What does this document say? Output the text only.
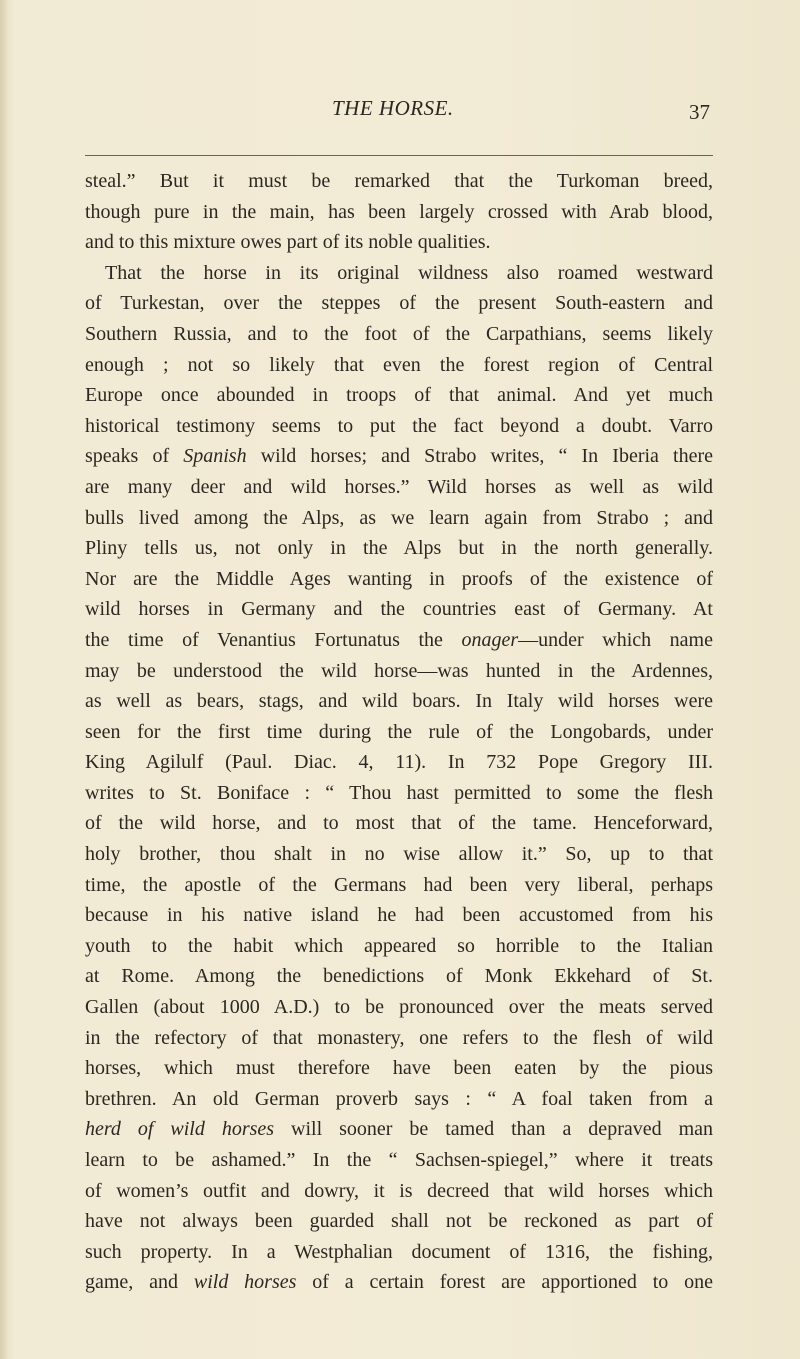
THE HORSE.	37
steal.” But it must be remarked that the Turkoman breed,
though pure in the main, has been largely crossed with Arab blood,
and to this mixture owes part of its noble qualities.
That the horse in its original wildness also roamed westward
of Turkestan, over the steppes of the present South-eastern and
Southern Russia, and to the foot of the Carpathians, seems likely
enough ; not so likely that even the forest region of Central
Europe once abounded in troops of that animal. And yet much
historical testimony seems to put the fact beyond a doubt. Varro
speaks of Spanish wild horses; and Strabo writes, “ In Iberia there
are many deer and wild horses.” Wild horses as well as wild
bulls lived among the Alps, as we learn again from Strabo ; and
Pliny tells us, not only in the Alps but in the north generally.
Nor are the Middle Ages wanting in proofs of the existence of
wild horses in Germany and the countries east of Germany. At
the time of Venantius Fortunatus the onager—under which name
may be understood the wild horse—was hunted in the Ardennes,
as well as bears, stags, and wild boars. In Italy wild horses were
seen for the first time during the rule of the Longobards, under
King Agilulf (Paul. Diac. 4, 11). In 732 Pope Gregory III.
writes to St. Boniface : “ Thou hast permitted to some the flesh
of the wild horse, and to most that of the tame. Henceforward,
holy brother, thou shalt in no wise allow it.” So, up to that
time, the apostle of the Germans had been very liberal, perhaps
because in his native island he had been accustomed from his
youth to the habit which appeared so horrible to the Italian
at Rome. Among the benedictions of Monk Ekkehard of St.
Gallen (about 1000 A.D.) to be pronounced over the meats served
in the refectory of that monastery, one refers to the flesh of wild
horses, which must therefore have been eaten by the pious
brethren. An old German proverb says : “ A foal taken from a
herd of wild horses will sooner be tamed than a depraved man
learn to be ashamed.” In the “ Sachsen-spiegel,” where it treats
of women’s outfit and dowry, it is decreed that wild horses which
have not always been guarded shall not be reckoned as part of
such property. In a Westphalian document of 1316, the fishing,
game, and wild horses of a certain forest are apportioned to one
